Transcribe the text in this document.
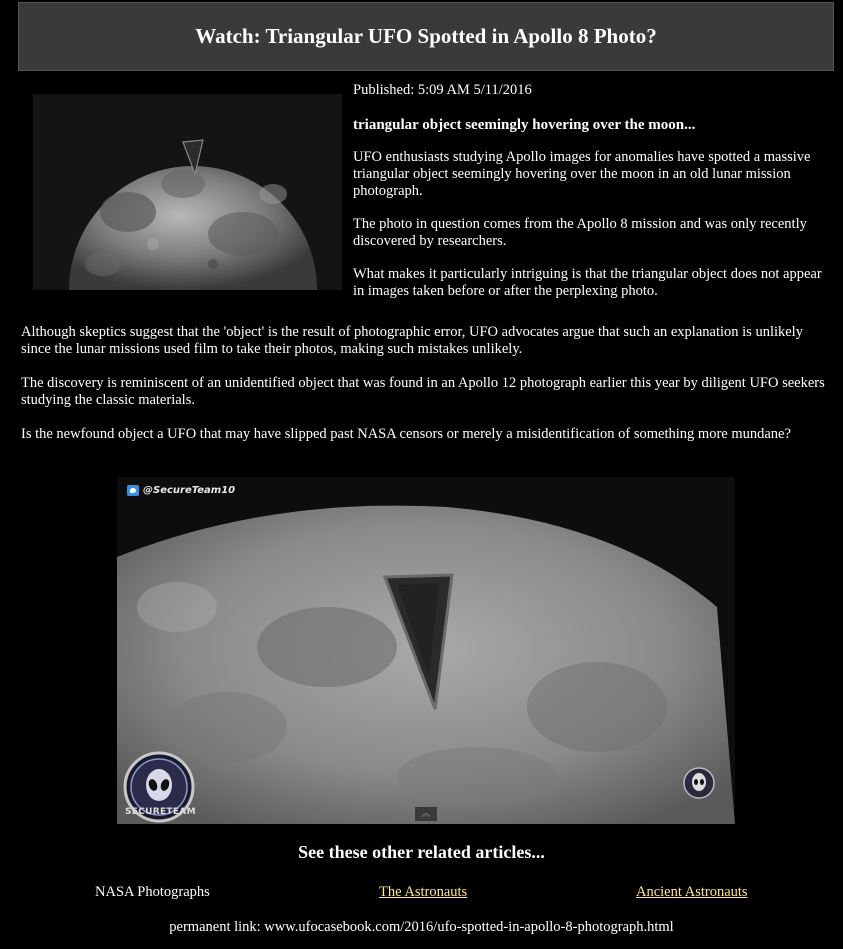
Watch: Triangular UFO Spotted in Apollo 8 Photo?

Published: 5:09 AM 5/11/2016

triangular object seemingly hovering over the moon...

UFO enthusiasts studying Apollo images for anomalies have spotted a massive triangular object seemingly hovering over the moon in an old lunar mission photograph.

The photo in question comes from the Apollo 8 mission and was only recently discovered by researchers.

What makes it particularly intriguing is that the triangular object does not appear in images taken before or after the perplexing photo.

Although skeptics suggest that the 'object' is the result of photographic error, UFO advocates argue that such an explanation is unlikely since the lunar missions used film to take their photos, making such mistakes unlikely.

The discovery is reminiscent of an unidentified object that was found in an Apollo 12 photograph earlier this year by diligent UFO seekers studying the classic materials.

Is the newfound object a UFO that may have slipped past NASA censors or merely a misidentification of something more mundane?

@SecureTeam10
SECURETEAM	︽
See these other related articles...
NASA Photographs	The Astronauts	Ancient Astronauts
permanent link: www.ufocasebook.com/2016/ufo-spotted-in-apollo-8-photograph.html
